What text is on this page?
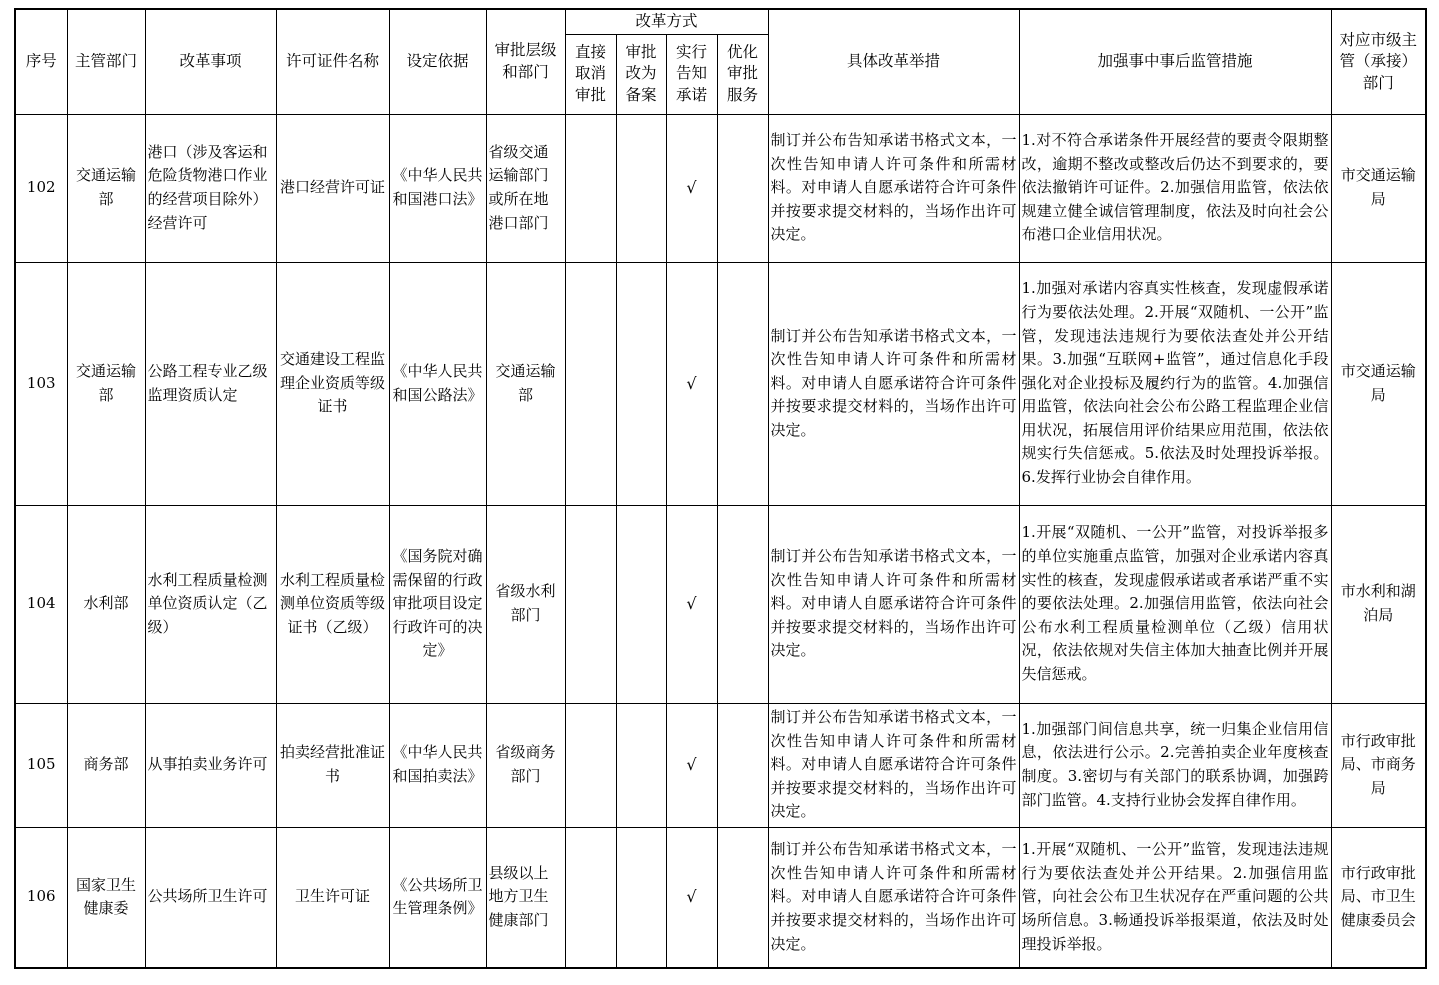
序号	主管部门	改革事项	许可证件名称	设定依据	审批层级和部门	改革方式				具体改革举措	加强事中事后监管措施	对应市级主管（承接）部门
						直接取消审批	审批改为备案	实行告知承诺	优化审批服务			
102	交通运输部	港口（涉及客运和危险货物港口作业的经营项目除外）经营许可	港口经营许可证	《中华人民共和国港口法》	省级交通运输部门或所在地港口部门			√		制订并公布告知承诺书格式文本，一次性告知申请人许可条件和所需材料。对申请人自愿承诺符合许可条件并按要求提交材料的，当场作出许可决定。	1.对不符合承诺条件开展经营的要责令限期整改，逾期不整改或整改后仍达不到要求的，要依法撤销许可证件。2.加强信用监管，依法依规建立健全诚信管理制度，依法及时向社会公布港口企业信用状况。	市交通运输局
103	交通运输部	公路工程专业乙级监理资质认定	交通建设工程监理企业资质等级证书	《中华人民共和国公路法》	交通运输部			√		制订并公布告知承诺书格式文本，一次性告知申请人许可条件和所需材料。对申请人自愿承诺符合许可条件并按要求提交材料的，当场作出许可决定。	1.加强对承诺内容真实性核查，发现虚假承诺行为要依法处理。2.开展“双随机、一公开”监管，发现违法违规行为要依法查处并公开结果。3.加强“互联网+监管”，通过信息化手段强化对企业投标及履约行为的监管。4.加强信用监管，依法向社会公布公路工程监理企业信用状况，拓展信用评价结果应用范围，依法依规实行失信惩戒。5.依法及时处理投诉举报。6.发挥行业协会自律作用。	市交通运输局
104	水利部	水利工程质量检测单位资质认定（乙级）	水利工程质量检测单位资质等级证书（乙级）	《国务院对确需保留的行政审批项目设定行政许可的决定》	省级水利部门			√		制订并公布告知承诺书格式文本，一次性告知申请人许可条件和所需材料。对申请人自愿承诺符合许可条件并按要求提交材料的，当场作出许可决定。	1.开展“双随机、一公开”监管，对投诉举报多的单位实施重点监管，加强对企业承诺内容真实性的核查，发现虚假承诺或者承诺严重不实的要依法处理。2.加强信用监管，依法向社会公布水利工程质量检测单位（乙级）信用状况，依法依规对失信主体加大抽查比例并开展失信惩戒。	市水利和湖泊局
105	商务部	从事拍卖业务许可	拍卖经营批准证书	《中华人民共和国拍卖法》	省级商务部门			√		制订并公布告知承诺书格式文本，一次性告知申请人许可条件和所需材料。对申请人自愿承诺符合许可条件并按要求提交材料的，当场作出许可决定。	1.加强部门间信息共享，统一归集企业信用信息，依法进行公示。2.完善拍卖企业年度核查制度。3.密切与有关部门的联系协调，加强跨部门监管。4.支持行业协会发挥自律作用。	市行政审批局、市商务局
106	国家卫生健康委	公共场所卫生许可	卫生许可证	《公共场所卫生管理条例》	县级以上地方卫生健康部门			√		制订并公布告知承诺书格式文本，一次性告知申请人许可条件和所需材料。对申请人自愿承诺符合许可条件并按要求提交材料的，当场作出许可决定。	1.开展“双随机、一公开”监管，发现违法违规行为要依法查处并公开结果。2.加强信用监管，向社会公布卫生状况存在严重问题的公共场所信息。3.畅通投诉举报渠道，依法及时处理投诉举报。	市行政审批局、市卫生健康委员会
